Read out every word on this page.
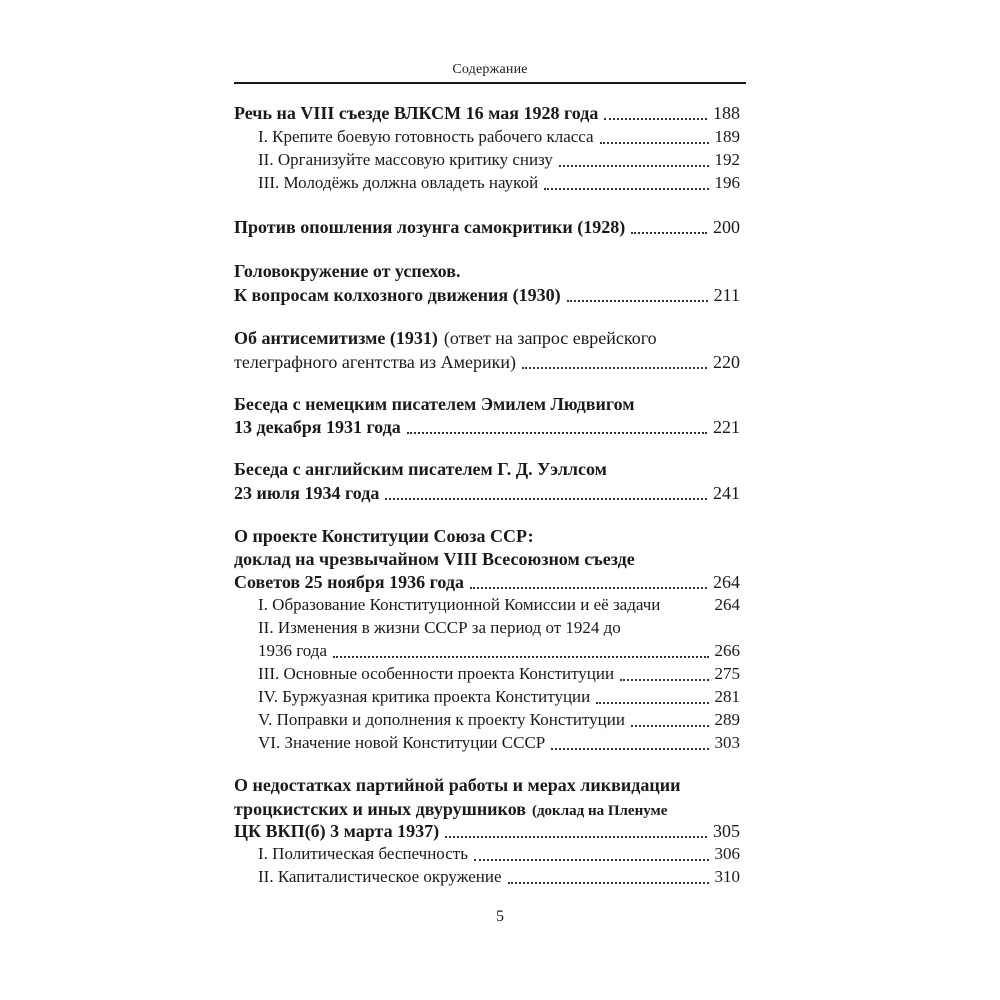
Содержание
Речь на VIII съезде ВЛКСМ 16 мая 1928 года	188
I. Крепите боевую готовность рабочего класса	189
II. Организуйте массовую критику снизу	192
III. Молодёжь должна овладеть наукой	196
Против опошления лозунга самокритики (1928)	200
Головокружение от успехов.
К вопросам колхозного движения (1930)	211
Об антисемитизме (1931) (ответ на запрос еврейского
телеграфного агентства из Америки)	220
Беседа с немецким писателем Эмилем Людвигом
13 декабря 1931 года	221
Беседа с английским писателем Г. Д. Уэллсом
23 июля 1934 года	241
О проекте Конституции Союза ССР:
доклад на чрезвычайном VIII Всесоюзном съезде
Советов 25 ноября 1936 года	264
I. Образование Конституционной Комиссии и её задачи	264
II. Изменения в жизни СССР за период от 1924 до
1936 года	266
III. Основные особенности проекта Конституции	275
IV. Буржуазная критика проекта Конституции	281
V. Поправки и дополнения к проекту Конституции	289
VI. Значение новой Конституции СССР	303
О недостатках партийной работы и мерах ликвидации
троцкистских и иных двурушников (доклад на Пленуме
ЦК ВКП(б) 3 марта 1937)	305
I. Политическая беспечность	306
II. Капиталистическое окружение	310
5
